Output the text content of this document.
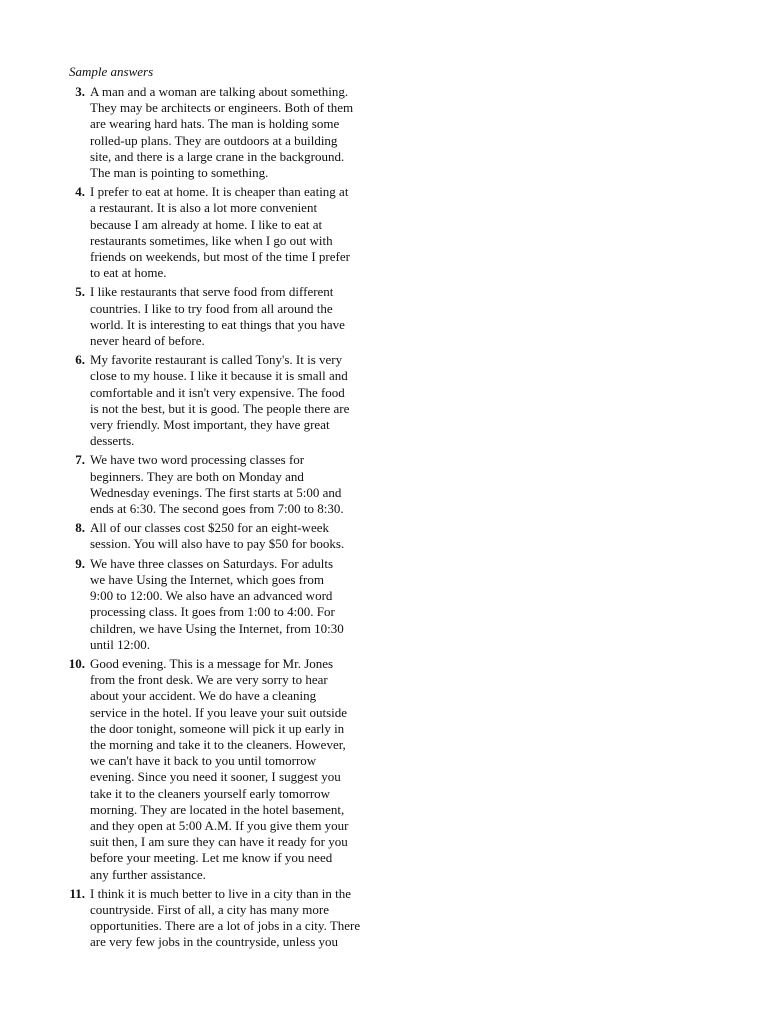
Sample answers
3. A man and a woman are talking about something.
They may be architects or engineers. Both of them
are wearing hard hats. The man is holding some
rolled-up plans. They are outdoors at a building
site, and there is a large crane in the background.
The man is pointing to something.
4. I prefer to eat at home. It is cheaper than eating at
a restaurant. It is also a lot more convenient
because I am already at home. I like to eat at
restaurants sometimes, like when I go out with
friends on weekends, but most of the time I prefer
to eat at home.
5. I like restaurants that serve food from different
countries. I like to try food from all around the
world. It is interesting to eat things that you have
never heard of before.
6. My favorite restaurant is called Tony's. It is very
close to my house. I like it because it is small and
comfortable and it isn't very expensive. The food
is not the best, but it is good. The people there are
very friendly. Most important, they have great
desserts.
7. We have two word processing classes for
beginners. They are both on Monday and
Wednesday evenings. The first starts at 5:00 and
ends at 6:30. The second goes from 7:00 to 8:30.
8. All of our classes cost $250 for an eight-week
session. You will also have to pay $50 for books.
9. We have three classes on Saturdays. For adults
we have Using the Internet, which goes from
9:00 to 12:00. We also have an advanced word
processing class. It goes from 1:00 to 4:00. For
children, we have Using the Internet, from 10:30
until 12:00.
10. Good evening. This is a message for Mr. Jones
from the front desk. We are very sorry to hear
about your accident. We do have a cleaning
service in the hotel. If you leave your suit outside
the door tonight, someone will pick it up early in
the morning and take it to the cleaners. However,
we can't have it back to you until tomorrow
evening. Since you need it sooner, I suggest you
take it to the cleaners yourself early tomorrow
morning. They are located in the hotel basement,
and they open at 5:00 A.M. If you give them your
suit then, I am sure they can have it ready for you
before your meeting. Let me know if you need
any further assistance.
11. I think it is much better to live in a city than in the
countryside. First of all, a city has many more
opportunities. There are a lot of jobs in a city. There
are very few jobs in the countryside, unless you
